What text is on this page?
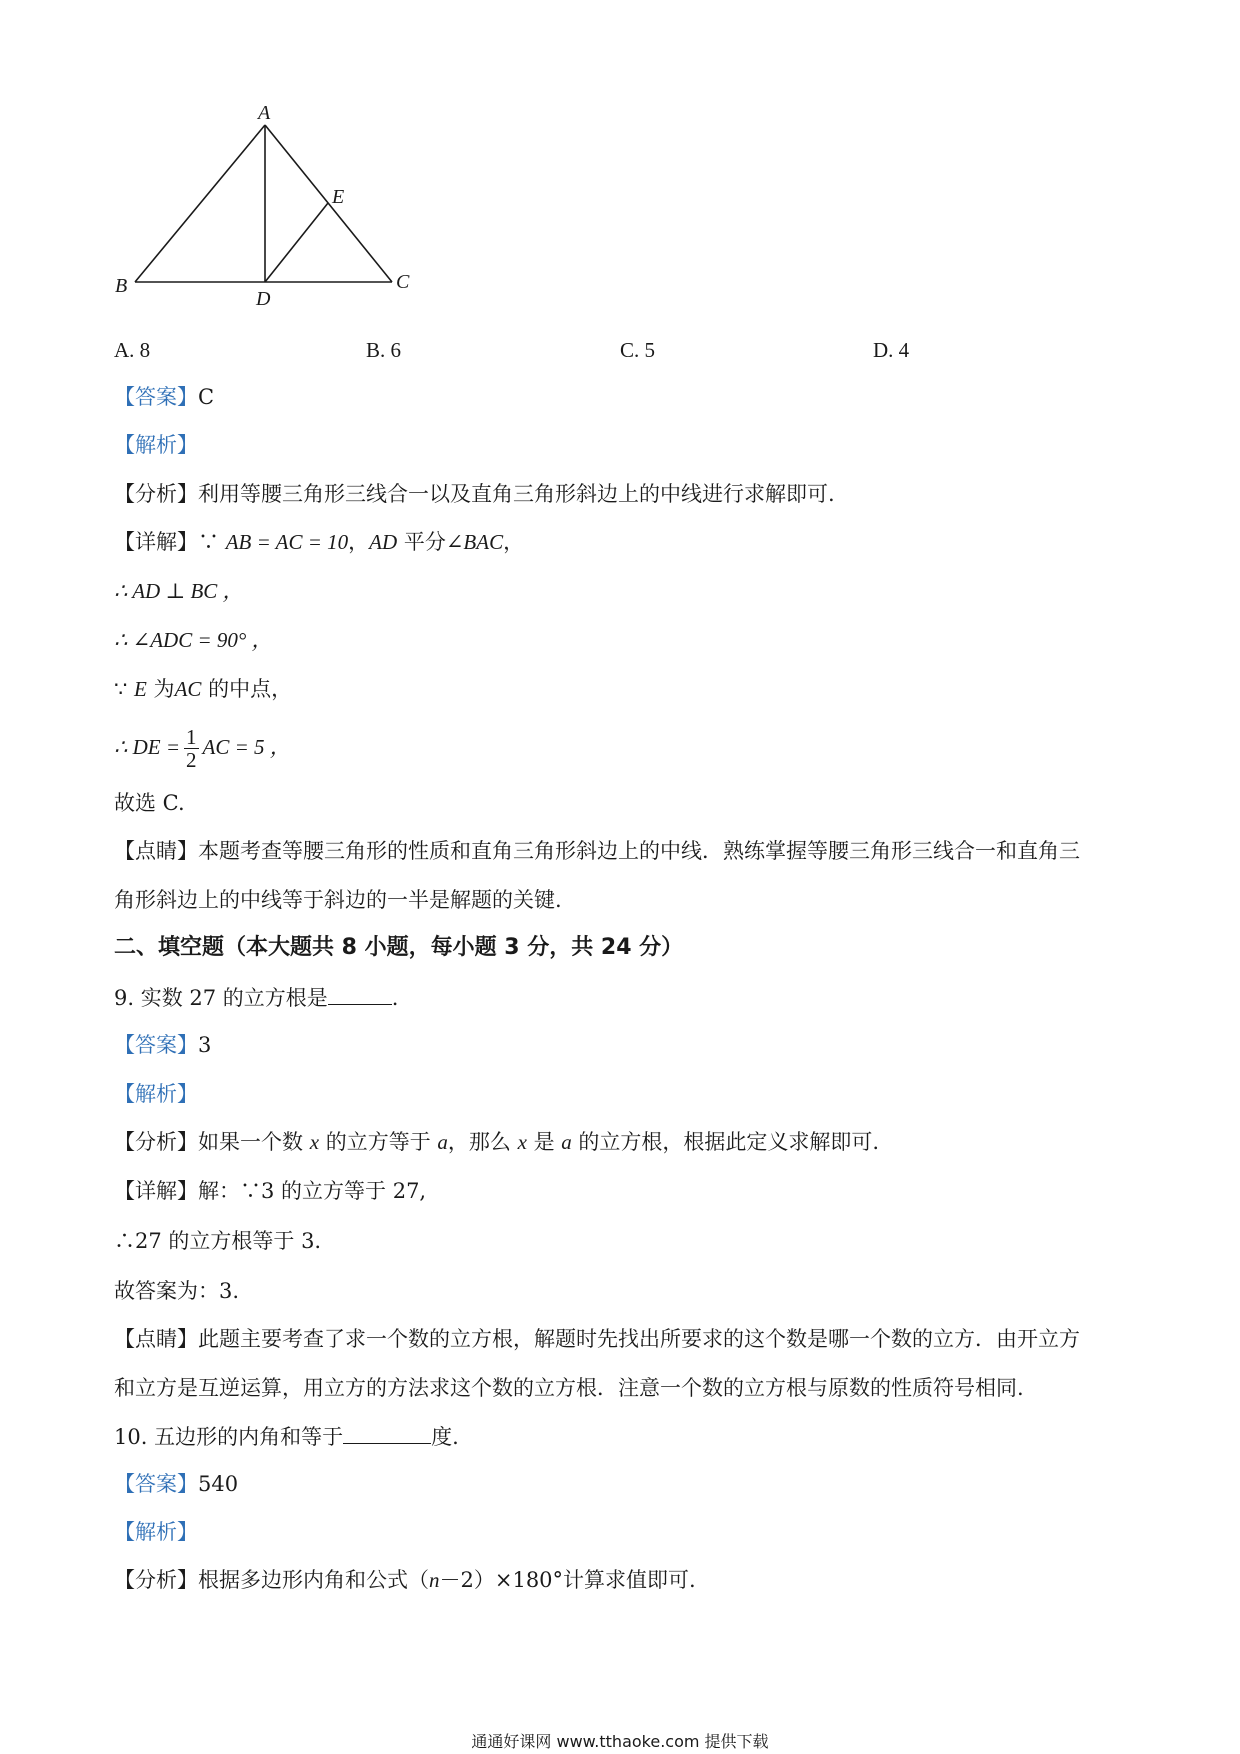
A
B	C
D
E
A. 8	B. 6	C. 5	D. 4
【答案】C
【解析】
【分析】利用等腰三角形三线合一以及直角三角形斜边上的中线进行求解即可.
【详解】∵ AB = AC = 10，AD 平分∠BAC，
∴ AD ⊥ BC ，
∴ ∠ADC = 90° ，
∵ E 为AC 的中点，
∴ DE = $\frac{1}{2}$ AC = 5 ，
故选 C.
【点睛】本题考查等腰三角形的性质和直角三角形斜边上的中线．熟练掌握等腰三角形三线合一和直角三
角形斜边上的中线等于斜边的一半是解题的关键.
二、填空题（本大题共 8 小题，每小题 3 分，共 24 分）
9. 实数 27 的立方根是	.
【答案】3
【解析】
【分析】如果一个数 x 的立方等于 a，那么 x 是 a 的立方根，根据此定义求解即可.
【详解】解：∵3 的立方等于 27,
∴27 的立方根等于 3.
故答案为：3.
【点睛】此题主要考查了求一个数的立方根，解题时先找出所要求的这个数是哪一个数的立方．由开立方
和立方是互逆运算，用立方的方法求这个数的立方根．注意一个数的立方根与原数的性质符号相同.
10. 五边形的内角和等于	度.
【答案】540
【解析】
【分析】根据多边形内角和公式（n－2）×180°计算求值即可.
通通好课网 www.tthaoke.com 提供下载
